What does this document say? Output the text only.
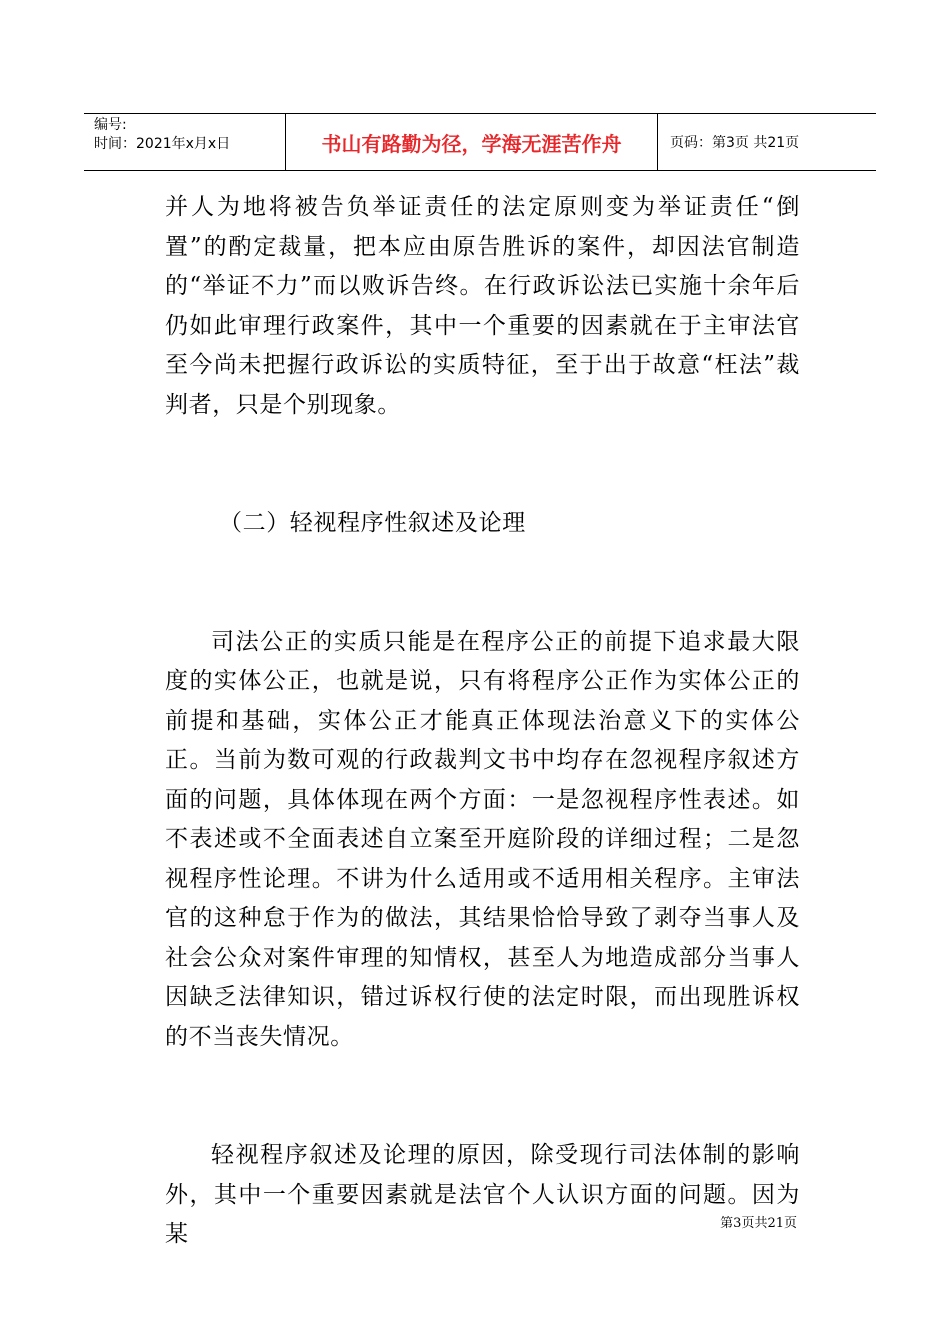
编号:
时间：2021年x月x日	书山有路勤为径，学海无涯苦作舟	页码：第3页 共21页

并人为地将被告负举证责任的法定原则变为举证责任“倒置”的酌定裁量，把本应由原告胜诉的案件，却因法官制造的“举证不力”而以败诉告终。在行政诉讼法已实施十余年后仍如此审理行政案件，其中一个重要的因素就在于主审法官至今尚未把握行政诉讼的实质特征，至于出于故意“枉法”裁判者，只是个别现象。

（二）轻视程序性叙述及论理

司法公正的实质只能是在程序公正的前提下追求最大限度的实体公正，也就是说，只有将程序公正作为实体公正的前提和基础，实体公正才能真正体现法治意义下的实体公正。当前为数可观的行政裁判文书中均存在忽视程序叙述方面的问题，具体体现在两个方面：一是忽视程序性表述。如不表述或不全面表述自立案至开庭阶段的详细过程；二是忽视程序性论理。不讲为什么适用或不适用相关程序。主审法官的这种怠于作为的做法，其结果恰恰导致了剥夺当事人及社会公众对案件审理的知情权，甚至人为地造成部分当事人因缺乏法律知识，错过诉权行使的法定时限，而出现胜诉权的不当丧失情况。

轻视程序叙述及论理的原因，除受现行司法体制的影响外，其中一个重要因素就是法官个人认识方面的问题。因为某	第3页共21页
